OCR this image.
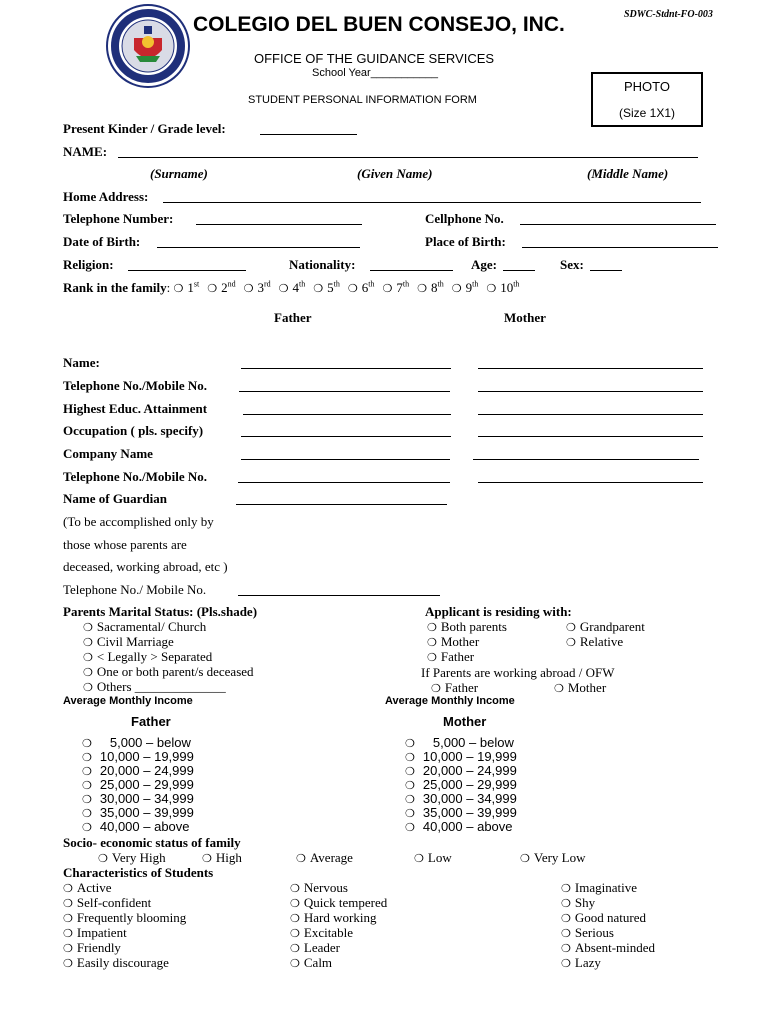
SDWC-Stdnt-FO-003
COLEGIO DEL BUEN CONSEJO, INC.
OFFICE OF THE GUIDANCE SERVICES
School Year___________
STUDENT PERSONAL INFORMATION FORM
PHOTO
(Size 1X1)
Present Kinder / Grade level:
NAME:
(Surname)	(Given Name)	(Middle Name)
Home Address:
Telephone Number:	Cellphone No.
Date of Birth:	Place of Birth:
Religion:	Nationality:	Age:	Sex:
Rank in the family: ❍ 1st ❍ 2nd ❍ 3rd ❍ 4th ❍ 5th ❍ 6th ❍ 7th ❍ 8th ❍ 9th ❍ 10th
Father	Mother
Name:
Telephone No./Mobile No.
Highest Educ. Attainment
Occupation ( pls. specify)
Company Name
Telephone No./Mobile No.
Name of Guardian
(To be accomplished only by
those whose parents are
deceased, working abroad, etc )
Telephone No./ Mobile No.
Parents Marital Status: (Pls.shade)
❍ Sacramental/ Church
❍ Civil Marriage
❍ < Legally > Separated
❍ One or both parent/s deceased
❍ Others ______________
Applicant is residing with:
❍ Both parents
❍ Mother
❍ Father
❍ Grandparent
❍ Relative
If Parents are working abroad / OFW
❍ Father	❍ Mother
Average Monthly Income	Average Monthly Income
Father	Mother
❍ 5,000 – below
❍ 10,000 – 19,999
❍ 20,000 – 24,999
❍ 25,000 – 29,999
❍ 30,000 – 34,999
❍ 35,000 – 39,999
❍ 40,000 – above
❍ 5,000 – below
❍ 10,000 – 19,999
❍ 20,000 – 24,999
❍ 25,000 – 29,999
❍ 30,000 – 34,999
❍ 35,000 – 39,999
❍ 40,000 – above
Socio- economic status of family
❍ Very High	❍ High	❍ Average	❍ Low	❍ Very Low
Characteristics of Students
❍ Active
❍ Self-confident
❍ Frequently blooming
❍ Impatient
❍ Friendly
❍ Easily discourage
❍ Nervous
❍ Quick tempered
❍ Hard working
❍ Excitable
❍ Leader
❍ Calm
❍ Imaginative
❍ Shy
❍ Good natured
❍ Serious
❍ Absent-minded
❍ Lazy
